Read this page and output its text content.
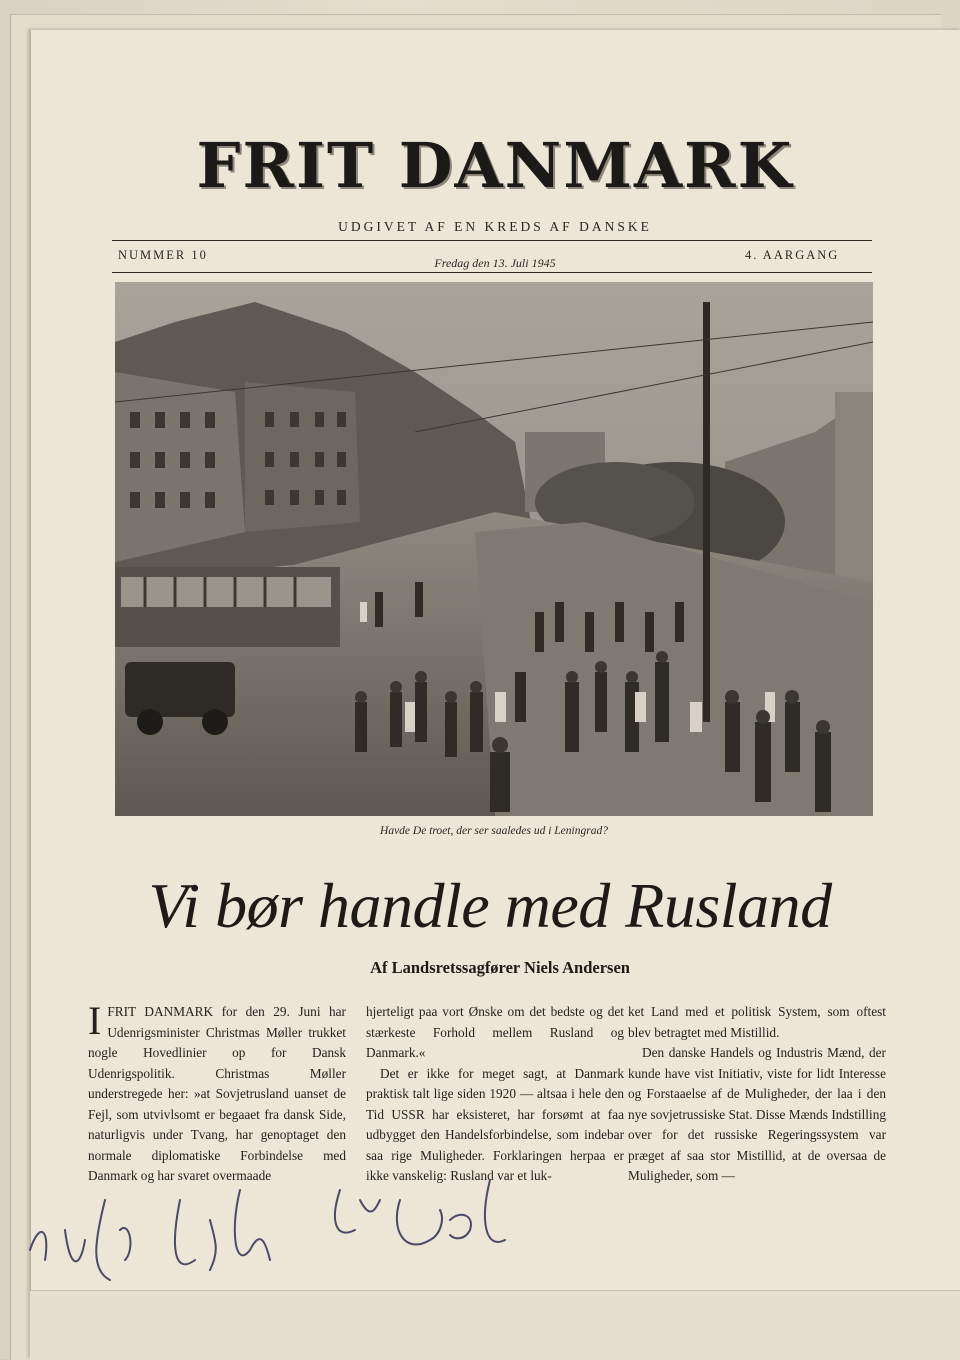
FRIT DANMARK
UDGIVET AF EN KREDS AF DANSKE
NUMMER 10
Fredag den 13. Juli 1945
4. AARGANG
Havde De troet, der ser saaledes ud i Leningrad?
Vi bør handle med Rusland
Af Landsretssagfører Niels Andersen
I FRIT DANMARK for den 29. Juni har Udenrigsminister Christmas Møller trukket nogle Hovedlinier op for Dansk Udenrigspolitik. Christmas Møller understregede her: »at Sovjetrusland uanset de Fejl, som utvivlsomt er begaaet fra dansk Side, naturligvis under Tvang, har genoptaget den normale diplomatiske Forbindelse med Danmark og har svaret overmaade

hjerteligt paa vort Ønske om det bedste og det stærkeste Forhold mellem Rusland og Danmark.«

Det er ikke for meget sagt, at Danmark praktisk talt lige siden 1920 — altsaa i hele den Tid USSR har eksisteret, har forsømt at faa udbygget den Handelsforbindelse, som indebar saa rige Muligheder. Forklaringen herpaa er ikke vanskelig: Rusland var et luk-

ket Land med et politisk System, som oftest blev betragtet med Mistillid.

Den danske Handels og Industris Mænd, der kunde have vist Initiativ, viste for lidt Interesse og Forstaaelse af de Muligheder, der laa i den nye sovjetrussiske Stat. Disse Mænds Indstilling over for det russiske Regeringssystem var præget af saa stor Mistillid, at de oversaa de Muligheder, som —
